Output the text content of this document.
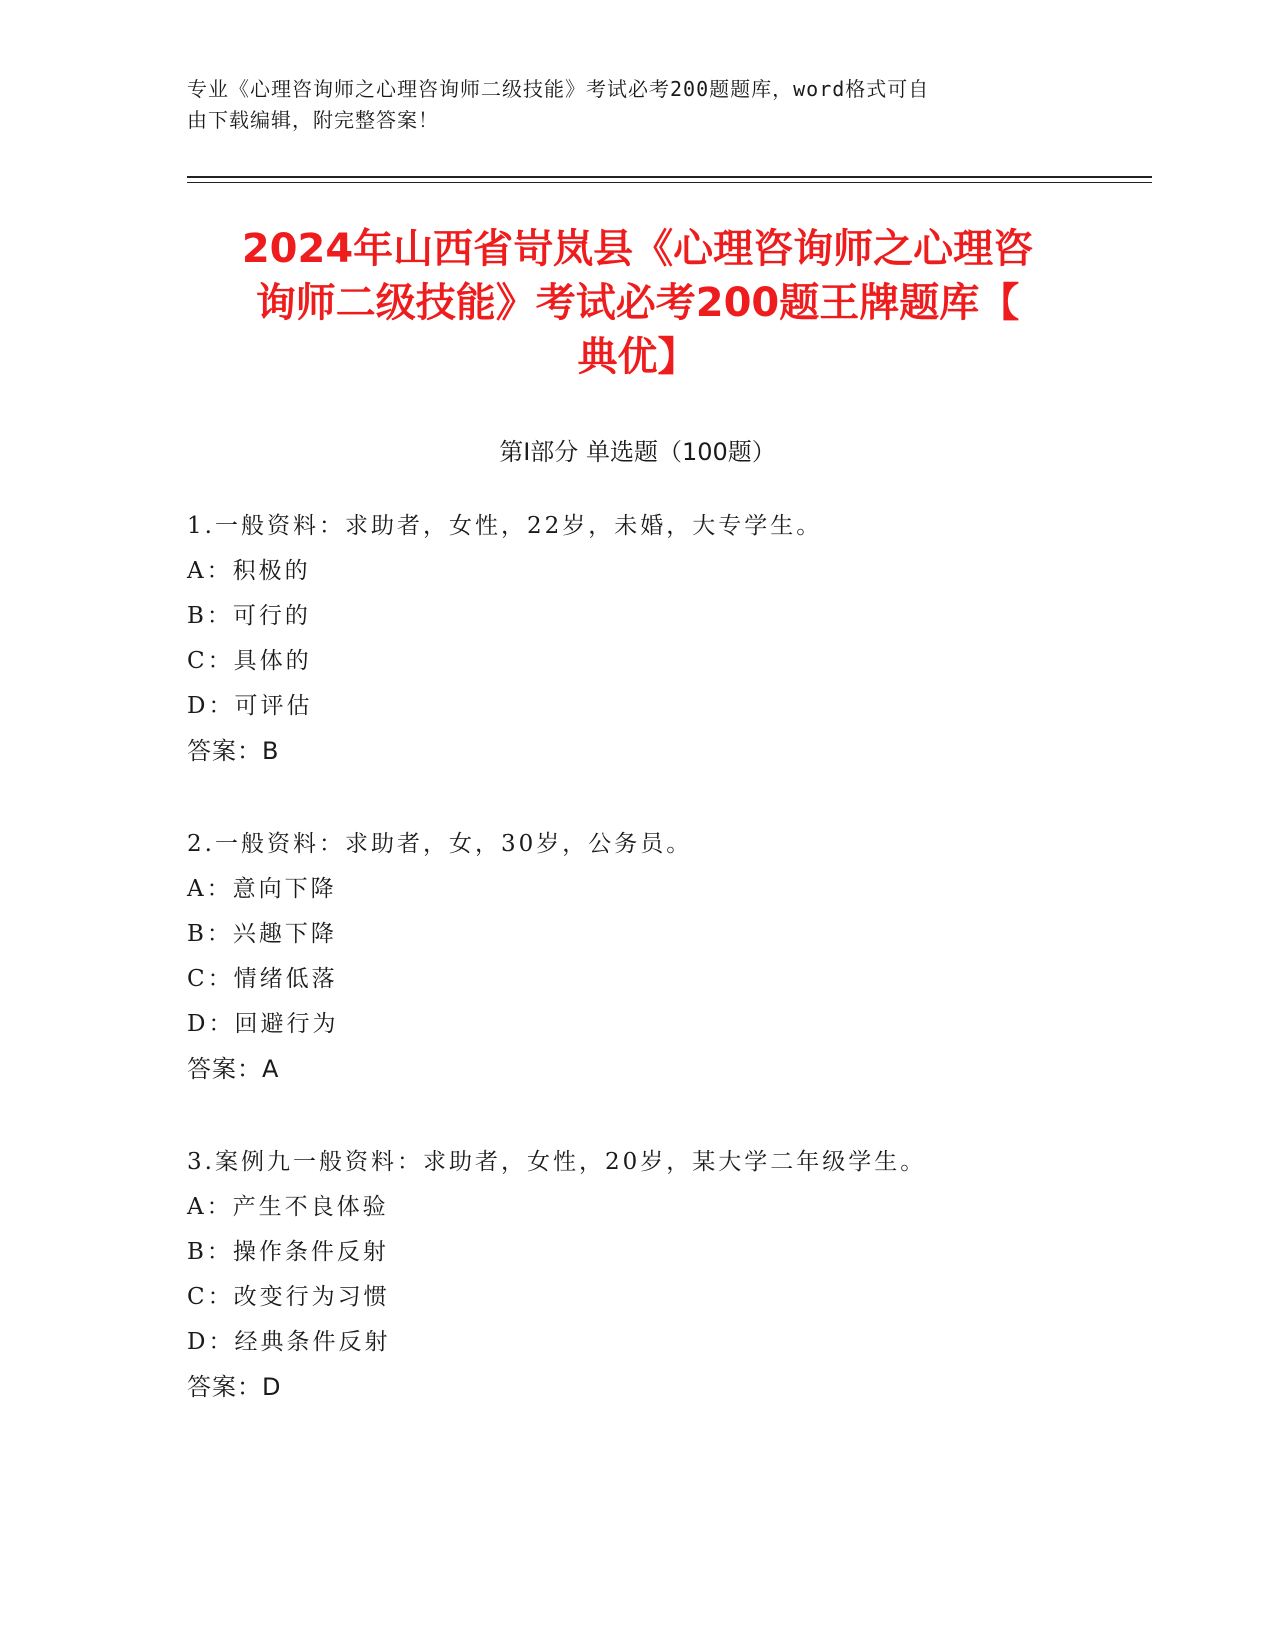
专业《心理咨询师之心理咨询师二级技能》考试必考200题题库，word格式可自
由下载编辑，附完整答案！
2024年山西省岢岚县《心理咨询师之心理咨
询师二级技能》考试必考200题王牌题库【
典优】
第Ⅰ部分 单选题（100题）
1.一般资料：求助者，女性，22岁，未婚，大专学生。
A：积极的
B：可行的
C：具体的
D：可评估
答案：B
2.一般资料：求助者，女，30岁，公务员。
A：意向下降
B：兴趣下降
C：情绪低落
D：回避行为
答案：A
3.案例九一般资料：求助者，女性，20岁，某大学二年级学生。
A：产生不良体验
B：操作条件反射
C：改变行为习惯
D：经典条件反射
答案：D
